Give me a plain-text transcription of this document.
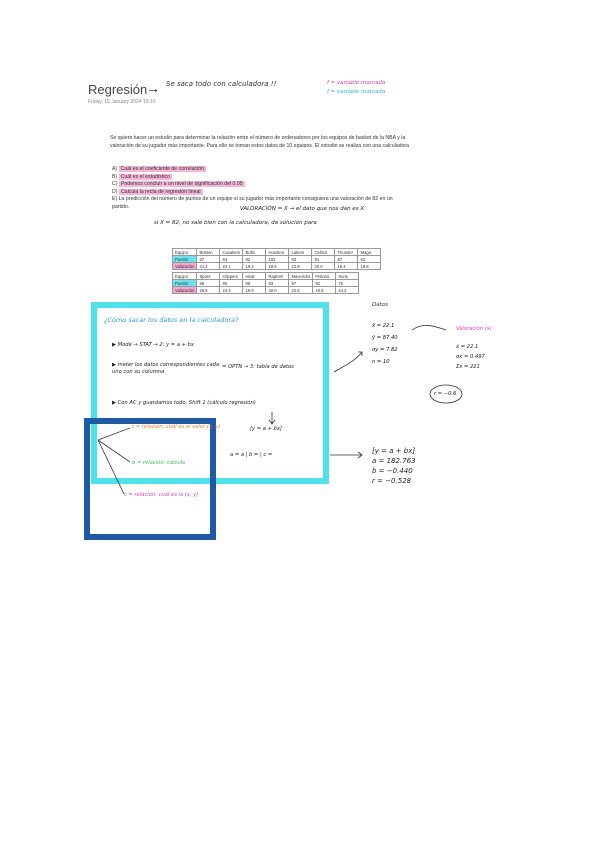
Regresión
→ Se saca todo con calculadora !!
Friday, 15 January 2024 10:10
f = variable marcada
f = variable marcada
Se quiere hacer un estudio para determinar la relación entre el número de ordenadores por los equipos de basket de la NBA y la valoración de su jugador más importante. Para ello se toman estos datos de 10 equipos. El estudio se realiza con una calculadora
A) Cuál es el coeficiente de correlación
B) Cuál es el estadístico
C) Podemos concluir a un nivel de significación del 0.05
D) Calcula la recta de regresión lineal
E) La predicción del número de puntos de un equipo si su jugador más importante consiguiera una valoración de 82 en un partido.	VALORACIÓN = X → el dato que nos dan es X
si X = 82, no sale bien con la calculadora, da solución para
Equipo	Boston	Cavaliers	Bulls	Houston	Lakers	Celtics	Thunder	Magic
Puntos	87	84	92	102	83	91	87	82
Valoración	21.4	22.1	19.2	18.5	22.9	20.0	18.4	19.8
Equipo	Spurs	Clippers	Heat	Raptors	Mavericks	Pistons	Suns
Puntos	86	90	88	83	97	92	75
Valoración	26.5	24.3	18.9	40.0	22.6	19.5	24.2
¿Cómo sacar los datos en la calculadora?
▶ Mode → STAT → 2: y = a + bx
▶ meter los datos correspondientes cada uno con su columna
= OPTN → 3: tabla de datos
▶ Con AC y guardamos todo, Shift 1 (cálculo regresión)
[y = a + bx]
a = a | b = | c =
r = relación: cuál es el valor (x, y)
b = relación: cálculo
c = relación: cuál es la (x, y)
Datos
x̄ = 22.1
ȳ = 87.40
σy = 7.82
n = 10
Valoración (x)
ẋ = 22.1
σx = 0.497
Σx = 221
r = −0.6
[y = a + bx]
a = 182.763
b = −0.440
r = −0.528
